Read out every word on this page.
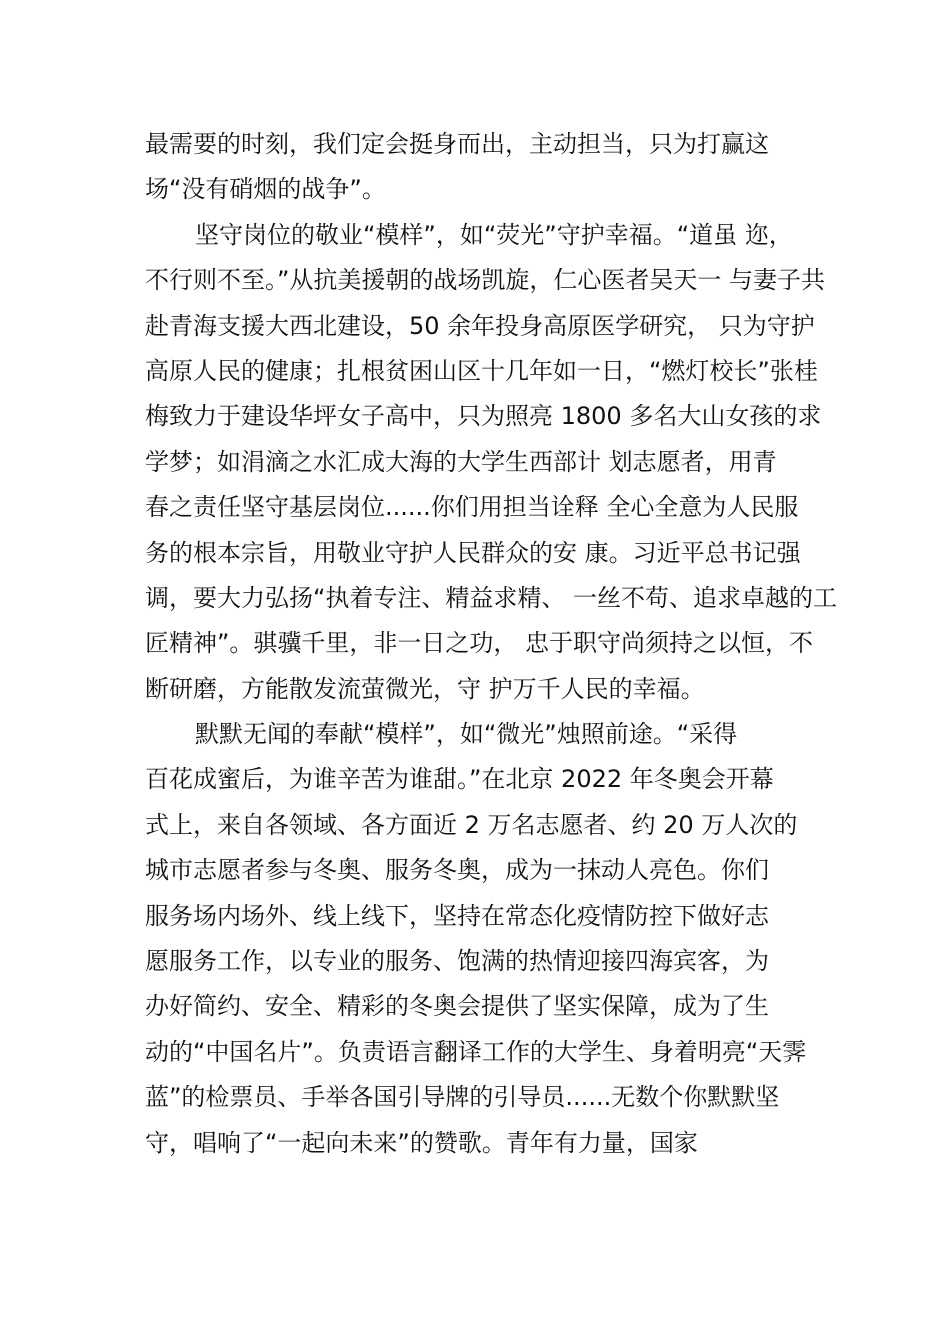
最需要的时刻，我们定会挺身而出，主动担当，只为打赢这
场“没有硝烟的战争”。
坚守岗位的敬业“模样”，如“荧光”守护幸福。“道虽 迩，
不行则不至。”从抗美援朝的战场凯旋，仁心医者吴天一 与妻子共
赴青海支援大西北建设，50 余年投身高原医学研究， 只为守护
高原人民的健康；扎根贫困山区十几年如一日，“燃灯校长”张桂
梅致力于建设华坪女子高中，只为照亮 1800 多名大山女孩的求
学梦；如涓滴之水汇成大海的大学生西部计 划志愿者，用青
春之责任坚守基层岗位......你们用担当诠释 全心全意为人民服
务的根本宗旨，用敬业守护人民群众的安 康。习近平总书记强
调，要大力弘扬“执着专注、精益求精、 一丝不苟、追求卓越的工
匠精神”。骐骥千里，非一日之功， 忠于职守尚须持之以恒，不
断研磨，方能散发流萤微光，守 护万千人民的幸福。
默默无闻的奉献“模样”，如“微光”烛照前途。“采得
百花成蜜后，为谁辛苦为谁甜。”在北京 2022 年冬奥会开幕
式上，来自各领域、各方面近 2 万名志愿者、约 20 万人次的
城市志愿者参与冬奥、服务冬奥，成为一抹动人亮色。你们
服务场内场外、线上线下，坚持在常态化疫情防控下做好志
愿服务工作，以专业的服务、饱满的热情迎接四海宾客，为
办好简约、安全、精彩的冬奥会提供了坚实保障，成为了生
动的“中国名片”。负责语言翻译工作的大学生、身着明亮“天霁
蓝”的检票员、手举各国引导牌的引导员......无数个你默默坚
守，唱响了“一起向未来”的赞歌。青年有力量，国家
